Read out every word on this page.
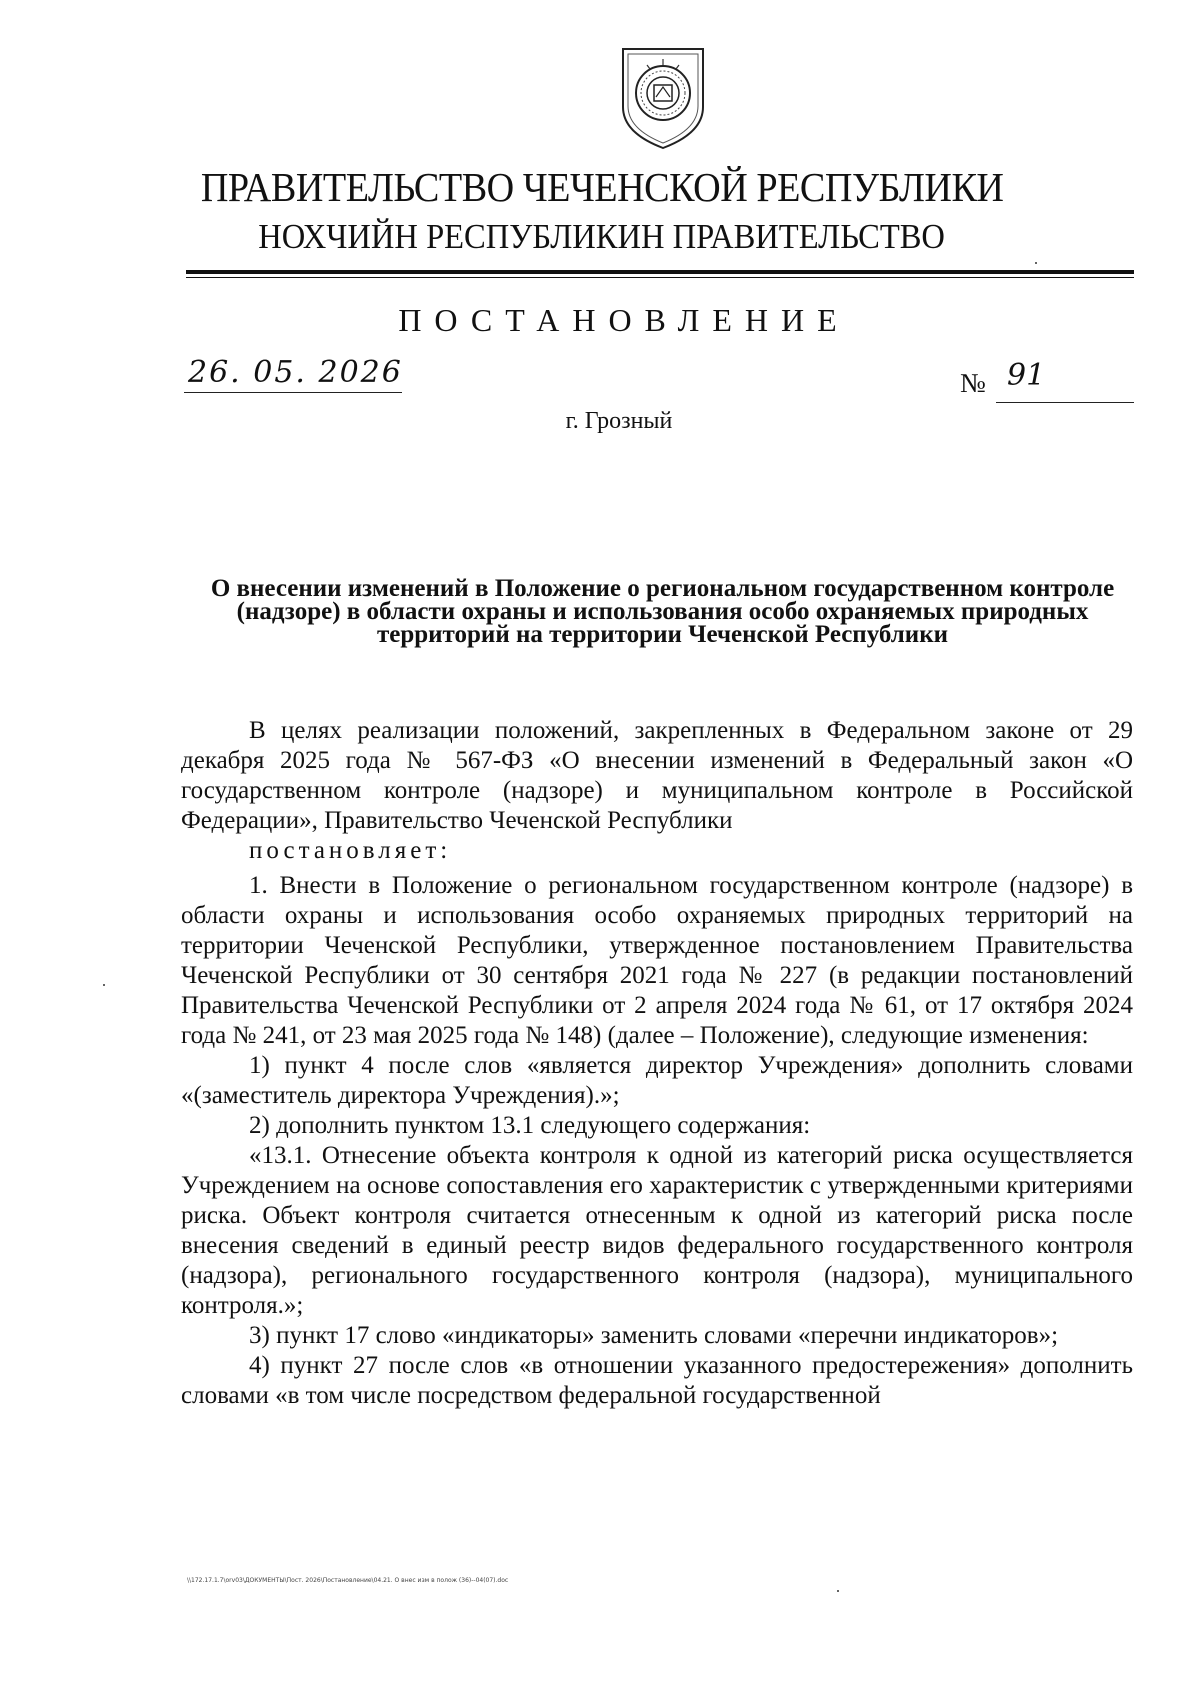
ПРАВИТЕЛЬСТВО ЧЕЧЕНСКОЙ РЕСПУБЛИКИ
НОХЧИЙН РЕСПУБЛИКИН ПРАВИТЕЛЬСТВО
ПОСТАНОВЛЕНИЕ
26. 05. 2026	№ 91
г. Грозный
О внесении изменений в Положение о региональном государственном контроле (надзоре) в области охраны и использования особо охраняемых природных территорий на территории Чеченской Республики

В целях реализации положений, закрепленных в Федеральном законе от 29 декабря 2025 года № 567-ФЗ «О внесении изменений в Федеральный закон «О государственном контроле (надзоре) и муниципальном контроле в Российской Федерации», Правительство Чеченской Республики
постановляет:

1. Внести в Положение о региональном государственном контроле (надзоре) в области охраны и использования особо охраняемых природных территорий на территории Чеченской Республики, утвержденное постановлением Правительства Чеченской Республики от 30 сентября 2021 года № 227 (в редакции постановлений Правительства Чеченской Республики от 2 апреля 2024 года № 61, от 17 октября 2024 года № 241, от 23 мая 2025 года № 148) (далее – Положение), следующие изменения:

1) пункт 4 после слов «является директор Учреждения» дополнить словами «(заместитель директора Учреждения).»;

2) дополнить пунктом 13.1 следующего содержания:

«13.1. Отнесение объекта контроля к одной из категорий риска осуществляется Учреждением на основе сопоставления его характеристик с утвержденными критериями риска. Объект контроля считается отнесенным к одной из категорий риска после внесения сведений в единый реестр видов федерального государственного контроля (надзора), регионального государственного контроля (надзора), муниципального контроля.»;

3) пункт 17 слово «индикаторы» заменить словами «перечни индикаторов»;

4) пункт 27 после слов «в отношении указанного предостережения» дополнить словами «в том числе посредством федеральной государственной

\\172.17.1.7\orv03\ДОКУМЕНТЫ\Пост. 2026\Постановление\04.21. О внес изм в полож (36)--04(07).doc
